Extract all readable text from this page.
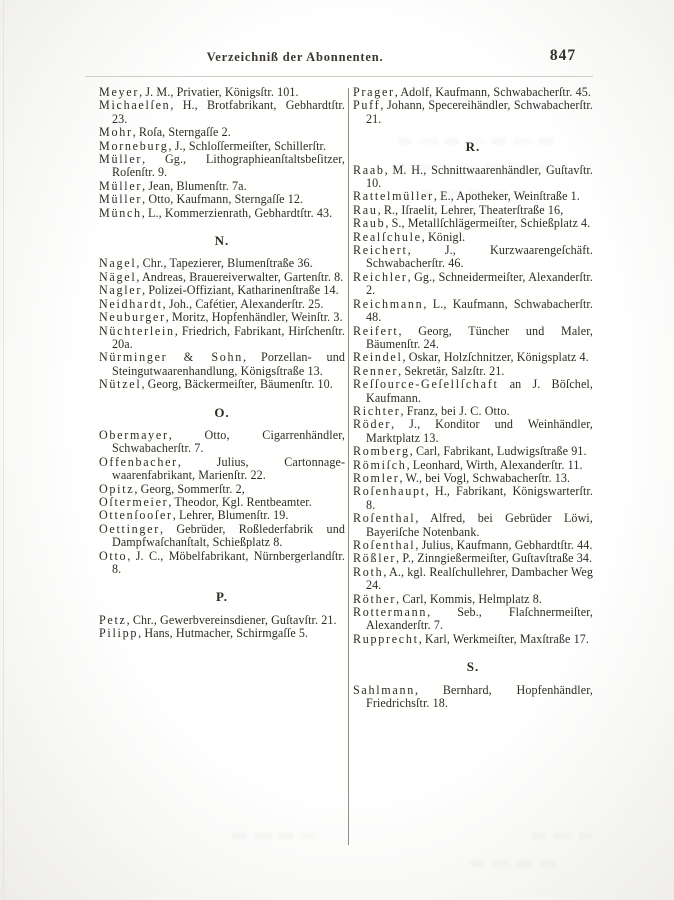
Verzeichniß der Abonnenten.	847
Meyer, J. M., Privatier, Königsſtr. 101.
Michaelſen, H., Brotfabrikant, Gebhardtſtr. 23.
Mohr, Roſa, Sterngaſſe 2.
Morneburg, J., Schloſſermeiſter, Schillerſtr.
Müller, Gg., Lithographieanſtaltsbeſitzer, Roſenſtr. 9.
Müller, Jean, Blumenſtr. 7a.
Müller, Otto, Kaufmann, Sterngaſſe 12.
Münch, L., Kommerzienrath, Gebhardtſtr. 43.
N.
Nagel, Chr., Tapezierer, Blumenſtraße 36.
Nägel, Andreas, Brauereiverwalter, Gartenſtr. 8.
Nagler, Polizei-Offiziant, Katharinenſtraße 14.
Neidhardt, Joh., Cafétier, Alexanderſtr. 25.
Neuburger, Moritz, Hopfenhändler, Weinſtr. 3.
Nüchterlein, Friedrich, Fabrikant, Hirſchenſtr. 20a.
Nürminger & Sohn, Porzellan- und Steingutwaarenhandlung, Königsſtraße 13.
Nützel, Georg, Bäckermeiſter, Bäumenſtr. 10.
O.
Obermayer, Otto, Cigarrenhändler, Schwabacherſtr. 7.
Offenbacher, Julius, Cartonnagewaarenfabrikant, Marienſtr. 22.
Opitz, Georg, Sommerſtr. 2,
Oſtermeier, Theodor, Kgl. Rentbeamter.
Ottenſooſer, Lehrer, Blumenſtr. 19.
Oettinger, Gebrüder, Roßlederfabrik und Dampfwaſchanſtalt, Schießplatz 8.
Otto, J. C., Möbelfabrikant, Nürnbergerlandſtr. 8.
P.
Petz, Chr., Gewerbvereinsdiener, Guſtavſtr. 21.
Pilipp, Hans, Hutmacher, Schirmgaſſe 5.
Prager, Adolf, Kaufmann, Schwabacherſtr. 45.
Puff, Johann, Specereihändler, Schwabacherſtr. 21.
R.
Raab, M. H., Schnittwaarenhändler, Guſtavſtr. 10.
Rattelmüller, E., Apotheker, Weinſtraße 1.
Rau, R., Iſraelit, Lehrer, Theaterſtraße 16,
Raub, S., Metallſchlägermeiſter, Schießplatz 4.
Realſchule, Königl.
Reichert, J., Kurzwaarengeſchäft. Schwabacherſtr. 46.
Reichler, Gg., Schneidermeiſter, Alexanderſtr. 2.
Reichmann, L., Kaufmann, Schwabacherſtr. 48.
Reifert, Georg, Tüncher und Maler, Bäumenſtr. 24.
Reindel, Oskar, Holzſchnitzer, Königsplatz 4.
Renner, Sekretär, Salzſtr. 21.
Reſſource-Geſellſchaft an J. Böſchel, Kaufmann.
Richter, Franz, bei J. C. Otto.
Röder, J., Konditor und Weinhändler, Marktplatz 13.
Romberg, Carl, Fabrikant, Ludwigsſtraße 91.
Römiſch, Leonhard, Wirth, Alexanderſtr. 11.
Romler, W., bei Vogl, Schwabacherſtr. 13.
Roſenhaupt, H., Fabrikant, Königswarterſtr. 8.
Roſenthal, Alfred, bei Gebrüder Löwi, Bayeriſche Notenbank.
Roſenthal, Julius, Kaufmann, Gebhardtſtr. 44.
Rößler, P., Zinngießermeiſter, Guſtavſtraße 34.
Roth, A., kgl. Realſchullehrer, Dambacher Weg 24.
Röther, Carl, Kommis, Helmplatz 8.
Rottermann, Seb., Flaſchnermeiſter, Alexanderſtr. 7.
Rupprecht, Karl, Werkmeiſter, Maxſtraße 17.
S.
Sahlmann, Bernhard, Hopfenhändler, Friedrichsſtr. 18.
